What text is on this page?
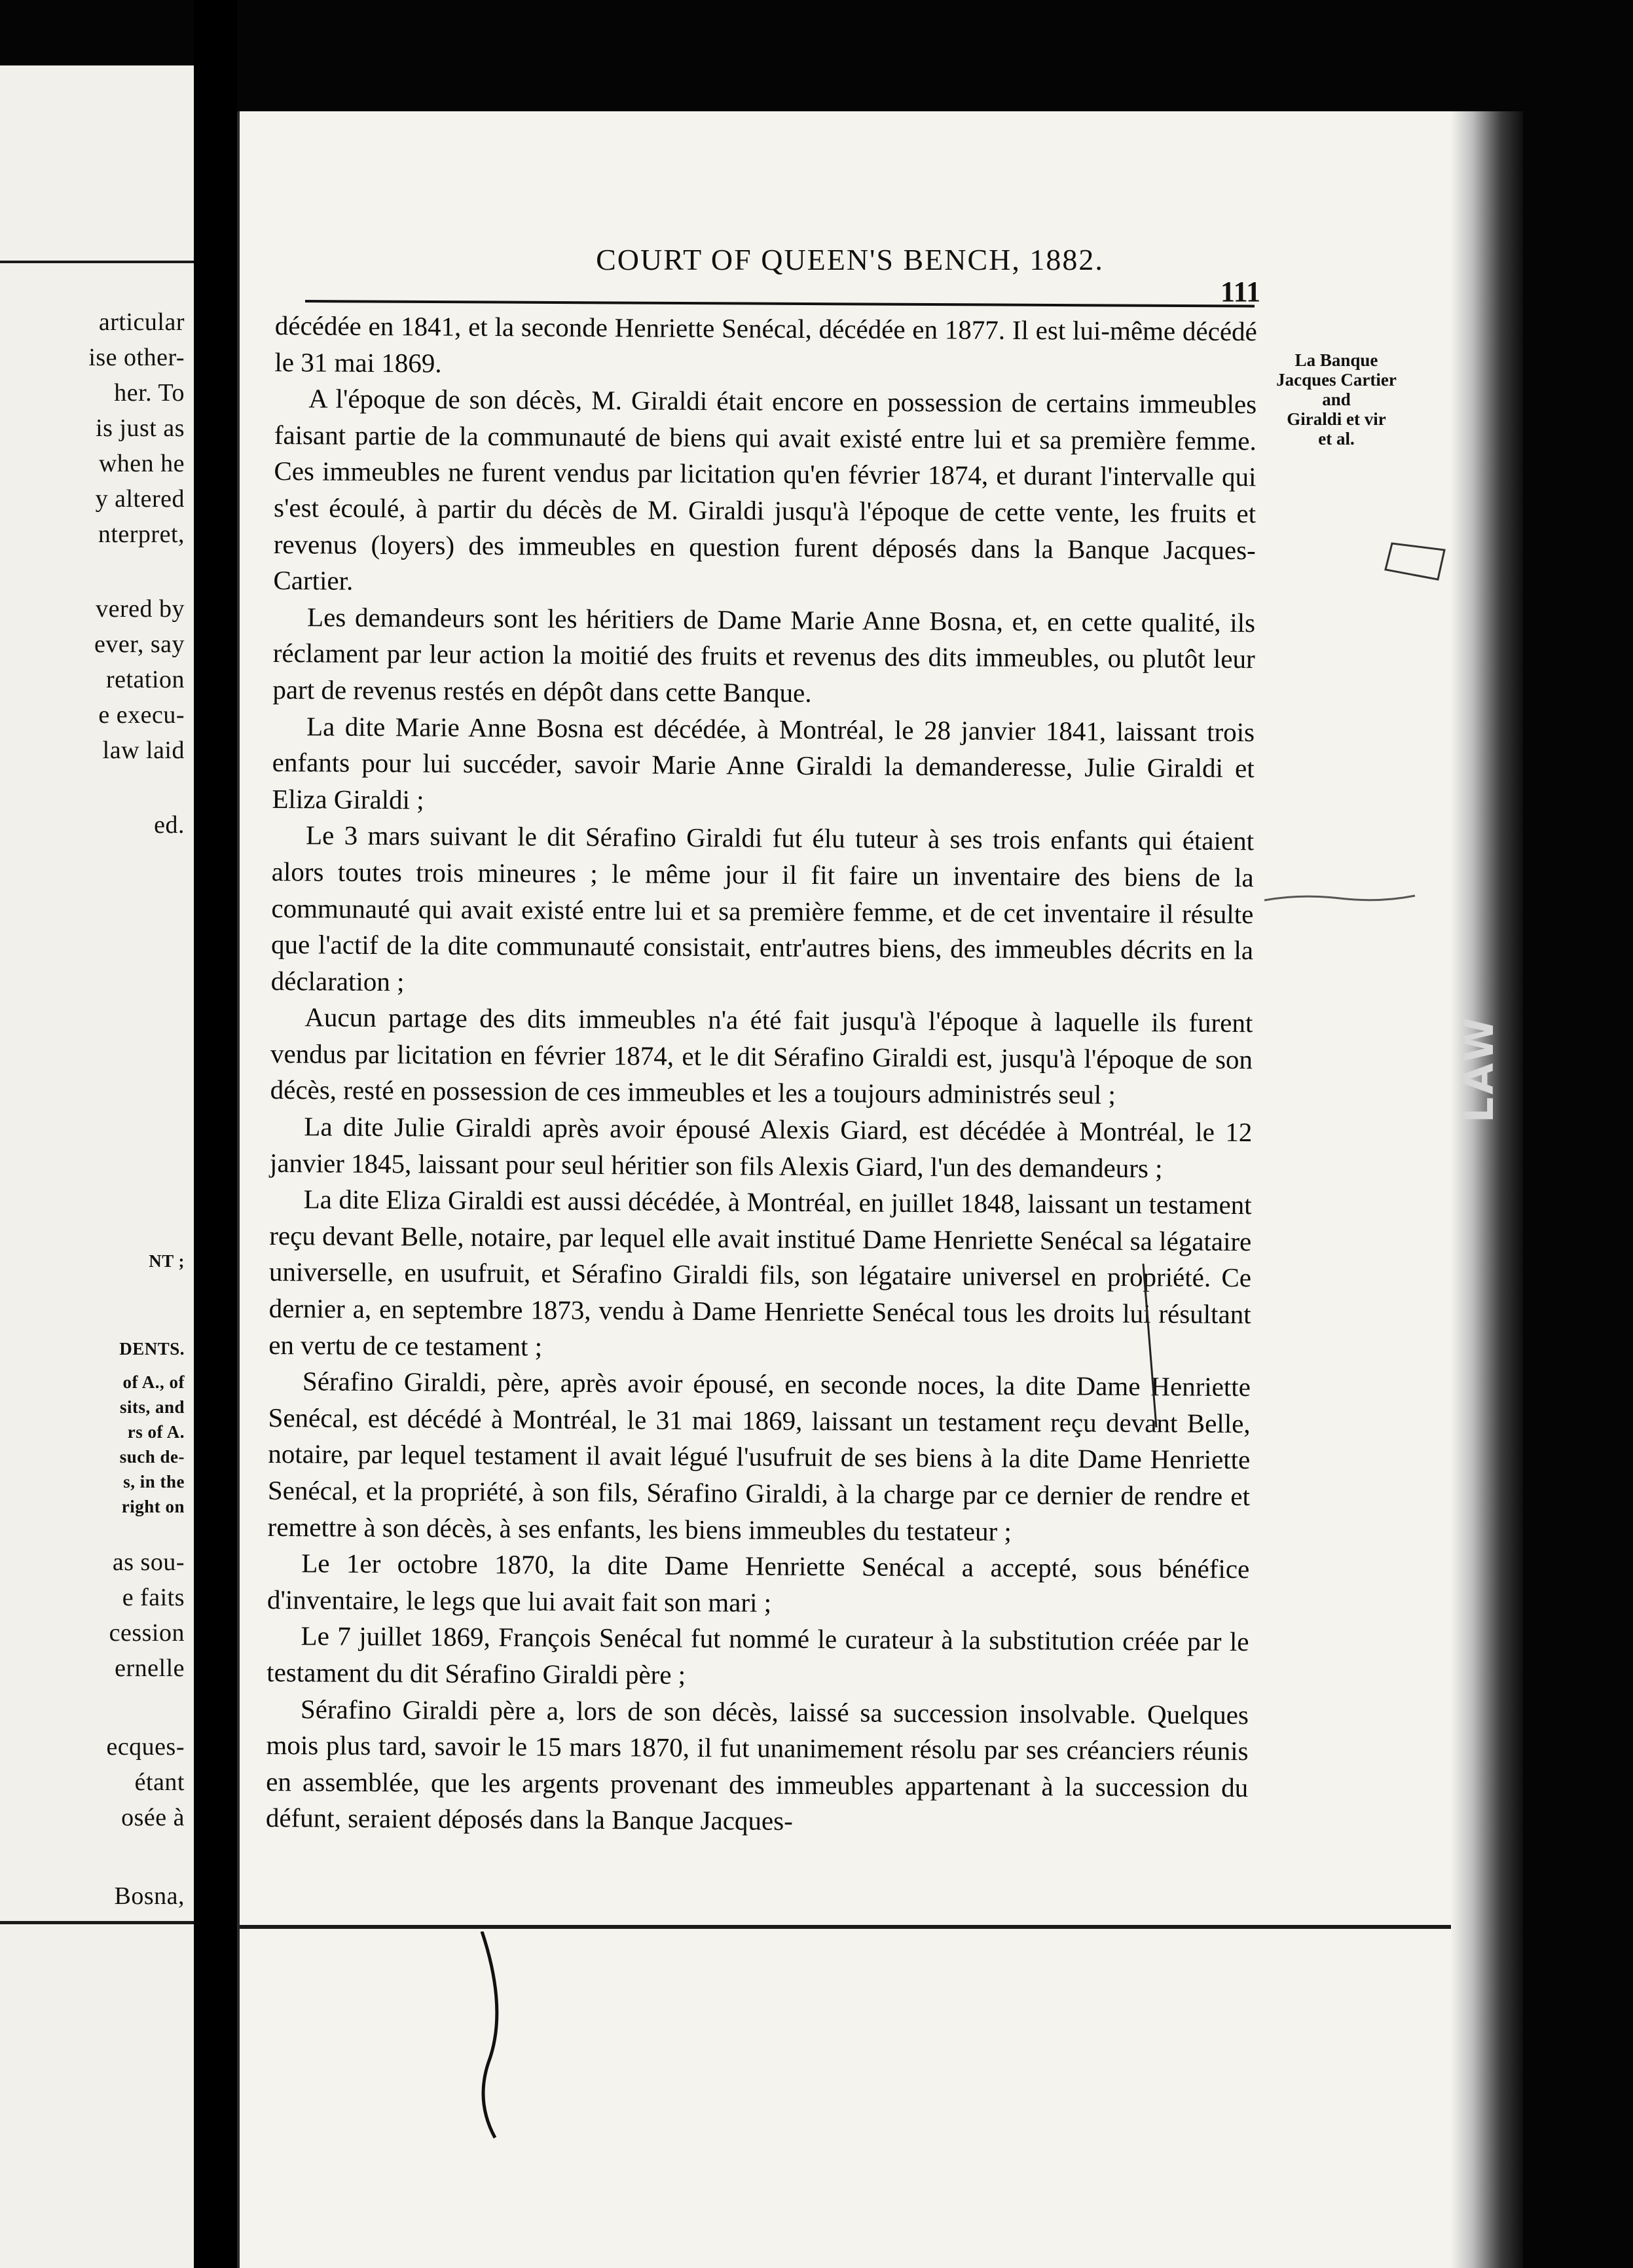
articular
ise other-
her. To
is just as
when he
y altered
nterpret,
vered by
ever, say
retation
e execu-
law laid
ed.
NT ;
DENTS.
of A., of
sits, and
rs of A.
such de-
s, in the
right on
as sou-
e faits
cession
ernelle
ecques-
étant
osée à
Bosna,
COURT OF QUEEN'S BENCH, 1882.
111

décédée en 1841, et la seconde Henriette Senécal, décédée en 1877. Il est lui-même décédé le 31 mai 1869.

A l'époque de son décès, M. Giraldi était encore en possession de certains immeubles faisant partie de la communauté de biens qui avait existé entre lui et sa première femme. Ces immeubles ne furent vendus par licitation qu'en février 1874, et durant l'intervalle qui s'est écoulé, à partir du décès de M. Giraldi jusqu'à l'époque de cette vente, les fruits et revenus (loyers) des immeubles en question furent déposés dans la Banque Jacques-Cartier.

Les demandeurs sont les héritiers de Dame Marie Anne Bosna, et, en cette qualité, ils réclament par leur action la moitié des fruits et revenus des dits immeubles, ou plutôt leur part de revenus restés en dépôt dans cette Banque.

La dite Marie Anne Bosna est décédée, à Montréal, le 28 janvier 1841, laissant trois enfants pour lui succéder, savoir Marie Anne Giraldi la demanderesse, Julie Giraldi et Eliza Giraldi ;

Le 3 mars suivant le dit Sérafino Giraldi fut élu tuteur à ses trois enfants qui étaient alors toutes trois mineures ; le même jour il fit faire un inventaire des biens de la communauté qui avait existé entre lui et sa première femme, et de cet inventaire il résulte que l'actif de la dite communauté consistait, entr'autres biens, des immeubles décrits en la déclaration ;

Aucun partage des dits immeubles n'a été fait jusqu'à l'époque à laquelle ils furent vendus par licitation en février 1874, et le dit Sérafino Giraldi est, jusqu'à l'époque de son décès, resté en possession de ces immeubles et les a toujours administrés seul ;

La dite Julie Giraldi après avoir épousé Alexis Giard, est décédée à Montréal, le 12 janvier 1845, laissant pour seul héritier son fils Alexis Giard, l'un des demandeurs ;

La dite Eliza Giraldi est aussi décédée, à Montréal, en juillet 1848, laissant un testament reçu devant Belle, notaire, par lequel elle avait institué Dame Henriette Senécal sa légataire universelle, en usufruit, et Sérafino Giraldi fils, son légataire universel en propriété. Ce dernier a, en septembre 1873, vendu à Dame Henriette Senécal tous les droits lui résultant en vertu de ce testament ;

Sérafino Giraldi, père, après avoir épousé, en seconde noces, la dite Dame Henriette Senécal, est décédé à Montréal, le 31 mai 1869, laissant un testament reçu devant Belle, notaire, par lequel testament il avait légué l'usufruit de ses biens à la dite Dame Henriette Senécal, et la propriété, à son fils, Sérafino Giraldi, à la charge par ce dernier de rendre et remettre à son décès, à ses enfants, les biens immeubles du testateur ;

Le 1er octobre 1870, la dite Dame Henriette Senécal a accepté, sous bénéfice d'inventaire, le legs que lui avait fait son mari ;

Le 7 juillet 1869, François Senécal fut nommé le curateur à la substitution créée par le testament du dit Sérafino Giraldi père ;

Sérafino Giraldi père a, lors de son décès, laissé sa succession insolvable. Quelques mois plus tard, savoir le 15 mars 1870, il fut unanimement résolu par ses créanciers réunis en assemblée, que les argents provenant des immeubles appartenant à la succession du défunt, seraient déposés dans la Banque Jacques-

La Banque
Jacques Cartier
and
Giraldi et vir
et al.
LAW
